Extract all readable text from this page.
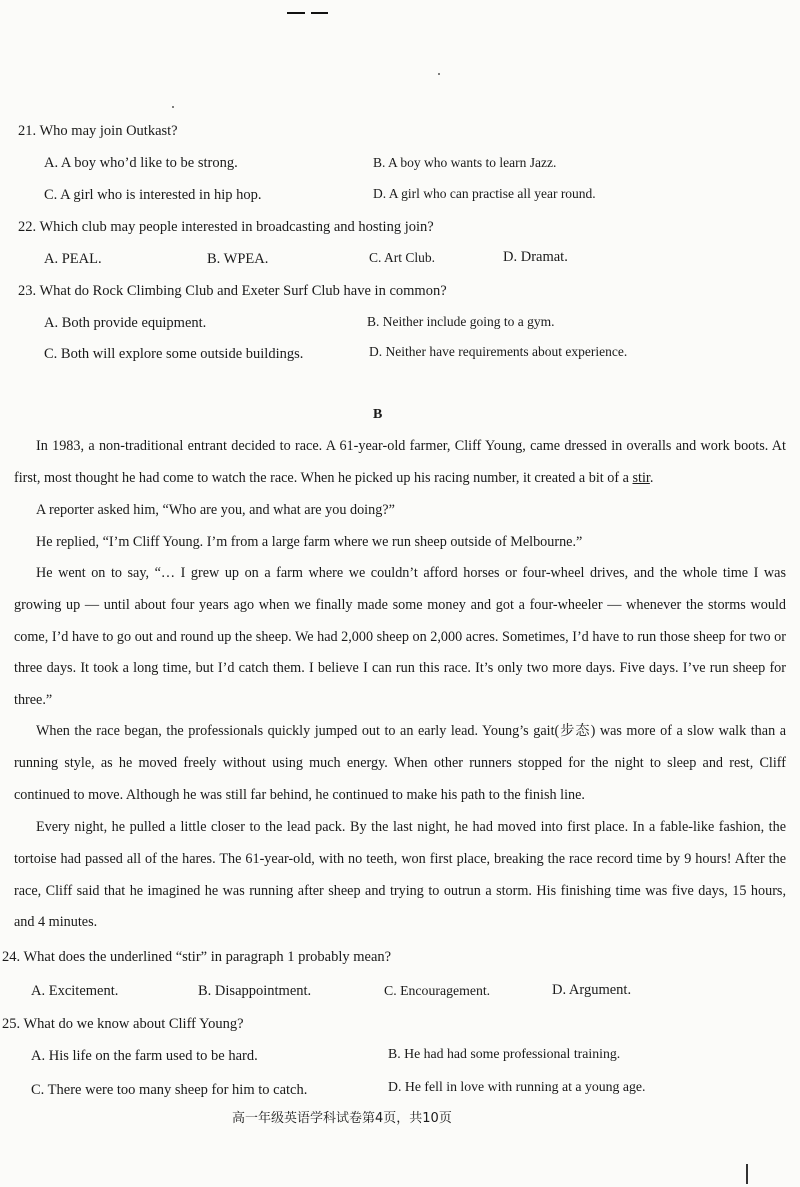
21. Who may join Outkast?
A. A boy who’d like to be strong.	B. A boy who wants to learn Jazz.
C. A girl who is interested in hip hop.	D. A girl who can practise all year round.
22. Which club may people interested in broadcasting and hosting join?
A. PEAL.	B. WPEA.	C. Art Club.	D. Dramat.
23. What do Rock Climbing Club and Exeter Surf Club have in common?
A. Both provide equipment.	B. Neither include going to a gym.
C. Both will explore some outside buildings.	D. Neither have requirements about experience.
B
In 1983, a non-traditional entrant decided to race. A 61-year-old farmer, Cliff Young, came dressed in overalls and work boots. At first, most thought he had come to watch the race. When he picked up his racing number, it created a bit of a stir.
A reporter asked him, “Who are you, and what are you doing?”
He replied, “I’m Cliff Young. I’m from a large farm where we run sheep outside of Melbourne.”
He went on to say, “… I grew up on a farm where we couldn’t afford horses or four-wheel drives, and the whole time I was growing up — until about four years ago when we finally made some money and got a four-wheeler — whenever the storms would come, I’d have to go out and round up the sheep. We had 2,000 sheep on 2,000 acres. Sometimes, I’d have to run those sheep for two or three days. It took a long time, but I’d catch them. I believe I can run this race. It’s only two more days. Five days. I’ve run sheep for three.”
When the race began, the professionals quickly jumped out to an early lead. Young’s gait(步态) was more of a slow walk than a running style, as he moved freely without using much energy. When other runners stopped for the night to sleep and rest, Cliff continued to move. Although he was still far behind, he continued to make his path to the finish line.
Every night, he pulled a little closer to the lead pack. By the last night, he had moved into first place. In a fable-like fashion, the tortoise had passed all of the hares. The 61-year-old, with no teeth, won first place, breaking the race record time by 9 hours! After the race, Cliff said that he imagined he was running after sheep and trying to outrun a storm. His finishing time was five days, 15 hours, and 4 minutes.
24. What does the underlined “stir” in paragraph 1 probably mean?
A. Excitement.	B. Disappointment.	C. Encouragement.	D. Argument.
25. What do we know about Cliff Young?
A. His life on the farm used to be hard.	B. He had had some professional training.
C. There were too many sheep for him to catch.	D. He fell in love with running at a young age.
高一年级英语学科试卷第4页，共10页
